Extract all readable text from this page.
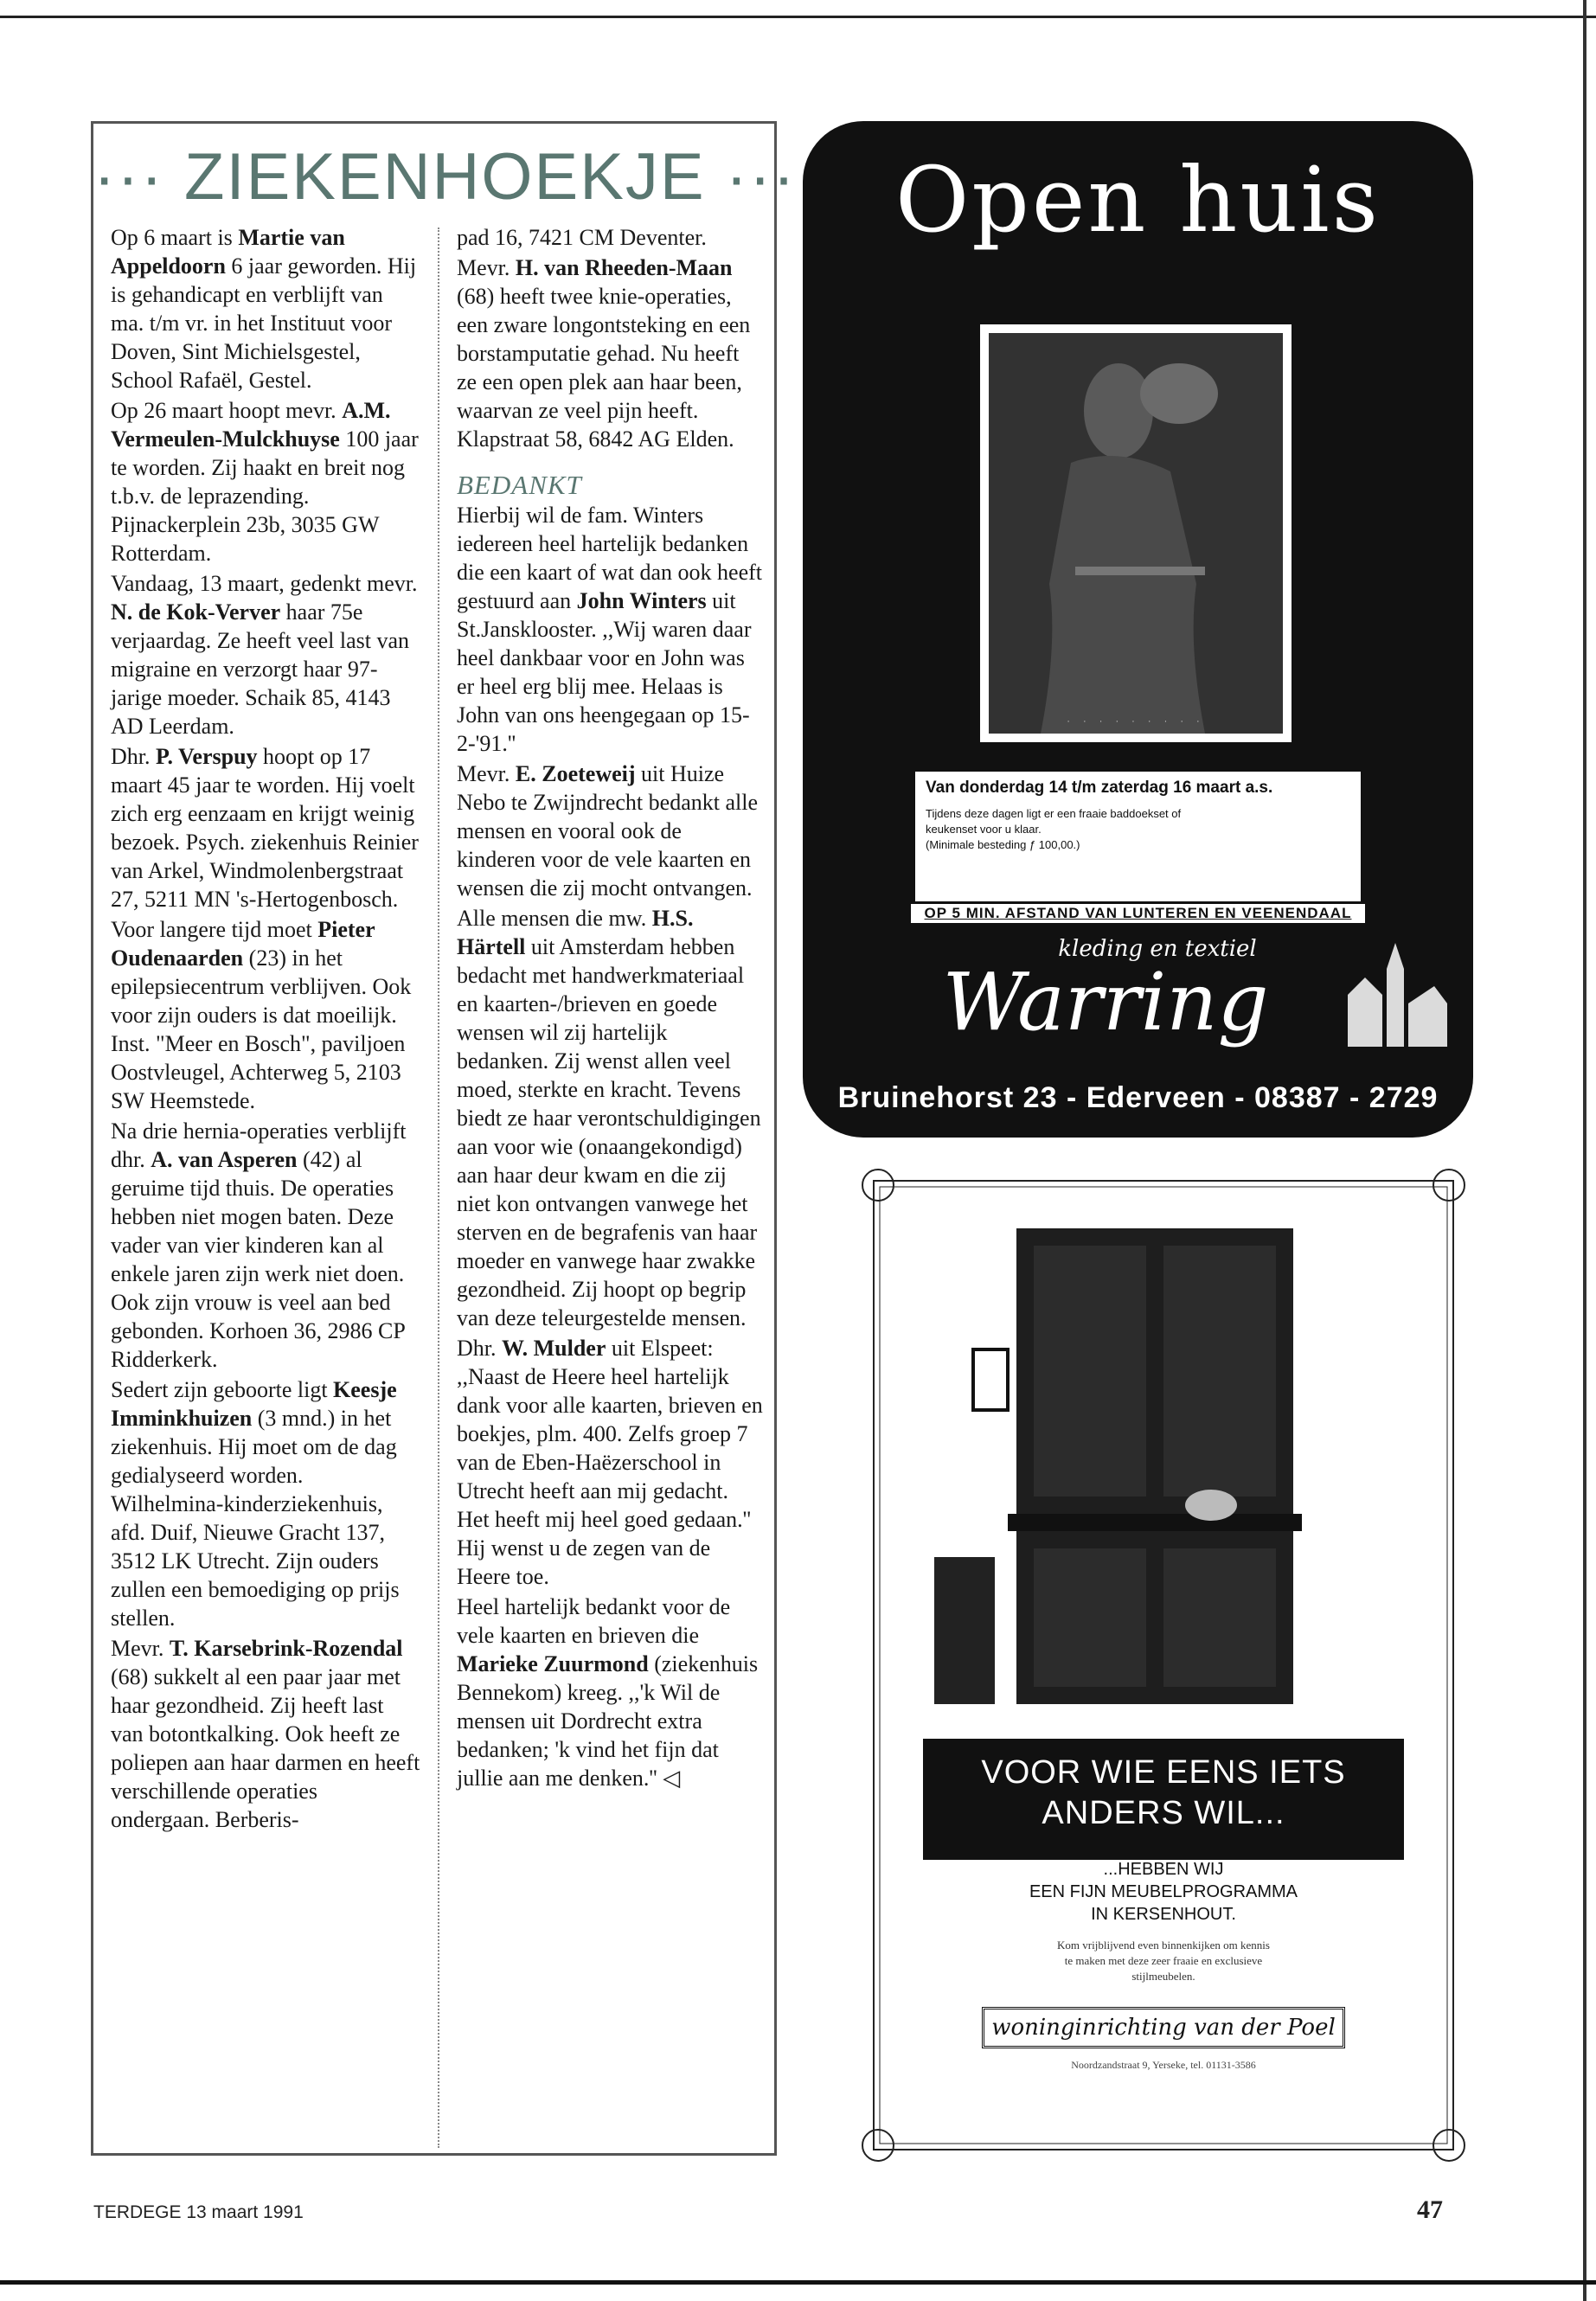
··· ZIEKENHOEKJE ···

Op 6 maart is Martie van Appeldoorn 6 jaar geworden. Hij is gehandicapt en verblijft van ma. t/m vr. in het Instituut voor Doven, Sint Michielsgestel, School Rafaël, Gestel.

Op 26 maart hoopt mevr. A.M. Vermeulen-Mulckhuyse 100 jaar te worden. Zij haakt en breit nog t.b.v. de leprazending. Pijnackerplein 23b, 3035 GW Rotterdam.

Vandaag, 13 maart, gedenkt mevr. N. de Kok-Verver haar 75e verjaardag. Ze heeft veel last van migraine en verzorgt haar 97-jarige moeder. Schaik 85, 4143 AD Leerdam.

Dhr. P. Verspuy hoopt op 17 maart 45 jaar te worden. Hij voelt zich erg eenzaam en krijgt weinig bezoek. Psych. ziekenhuis Reinier van Arkel, Windmolenbergstraat 27, 5211 MN 's-Hertogenbosch.

Voor langere tijd moet Pieter Oudenaarden (23) in het epilepsiecentrum verblijven. Ook voor zijn ouders is dat moeilijk. Inst. "Meer en Bosch", paviljoen Oostvleugel, Achterweg 5, 2103 SW Heemstede.

Na drie hernia-operaties verblijft dhr. A. van Asperen (42) al geruime tijd thuis. De operaties hebben niet mogen baten. Deze vader van vier kinderen kan al enkele jaren zijn werk niet doen. Ook zijn vrouw is veel aan bed gebonden. Korhoen 36, 2986 CP Ridderkerk.

Sedert zijn geboorte ligt Keesje Imminkhuizen (3 mnd.) in het ziekenhuis. Hij moet om de dag gedialyseerd worden. Wilhelmina-kinderziekenhuis, afd. Duif, Nieuwe Gracht 137, 3512 LK Utrecht. Zijn ouders zullen een bemoediging op prijs stellen.

Mevr. T. Karsebrink-Rozendal (68) sukkelt al een paar jaar met haar gezondheid. Zij heeft last van botontkalking. Ook heeft ze poliepen aan haar darmen en heeft verschillende operaties ondergaan. Berberis-

pad 16, 7421 CM Deventer.

Mevr. H. van Rheeden-Maan (68) heeft twee knie-operaties, een zware longontsteking en een borstamputatie gehad. Nu heeft ze een open plek aan haar been, waarvan ze veel pijn heeft. Klapstraat 58, 6842 AG Elden.

BEDANKT

Hierbij wil de fam. Winters iedereen heel hartelijk bedanken die een kaart of wat dan ook heeft gestuurd aan John Winters uit St.Jansklooster. ,,Wij waren daar heel dankbaar voor en John was er heel erg blij mee. Helaas is John van ons heengegaan op 15-2-'91.''

Mevr. E. Zoeteweij uit Huize Nebo te Zwijndrecht bedankt alle mensen en vooral ook de kinderen voor de vele kaarten en wensen die zij mocht ontvangen.

Alle mensen die mw. H.S. Härtell uit Amsterdam hebben bedacht met handwerkmateriaal en kaarten-/brieven en goede wensen wil zij hartelijk bedanken. Zij wenst allen veel moed, sterkte en kracht. Tevens biedt ze haar verontschuldigingen aan voor wie (onaangekondigd) aan haar deur kwam en die zij niet kon ontvangen vanwege het sterven en de begrafenis van haar moeder en vanwege haar zwakke gezondheid. Zij hoopt op begrip van deze teleurgestelde mensen.

Dhr. W. Mulder uit Elspeet: ,,Naast de Heere heel hartelijk dank voor alle kaarten, brieven en boekjes, plm. 400. Zelfs groep 7 van de Eben-Haëzerschool in Utrecht heeft aan mij gedacht. Het heeft mij heel goed gedaan.'' Hij wenst u de zegen van de Heere toe.

Heel hartelijk bedankt voor de vele kaarten en brieven die Marieke Zuurmond (ziekenhuis Bennekom) kreeg. ,,'k Wil de mensen uit Dordrecht extra bedanken; 'k vind het fijn dat jullie aan me denken.'' ◁

Open huis
· · · · · · · · ·
Van donderdag 14 t/m zaterdag 16 maart a.s.
Tijdens deze dagen ligt er een fraaie baddoekset of
keukenset voor u klaar.
(Minimale besteding ƒ 100,00.)
OP 5 MIN. AFSTAND VAN LUNTEREN EN VEENENDAAL
kleding en textiel
Warring
Bruinehorst 23 - Ederveen - 08387 - 2729
VOOR WIE EENS IETS
ANDERS WIL...
...HEBBEN WIJ
EEN FIJN MEUBELPROGRAMMA
IN KERSENHOUT.
Kom vrijblijvend even binnenkijken om kennis
te maken met deze zeer fraaie en exclusieve
stijlmeubelen.
woninginrichting van der Poel
Noordzandstraat 9, Yerseke, tel. 01131-3586
TERDEGE 13 maart 1991	47
